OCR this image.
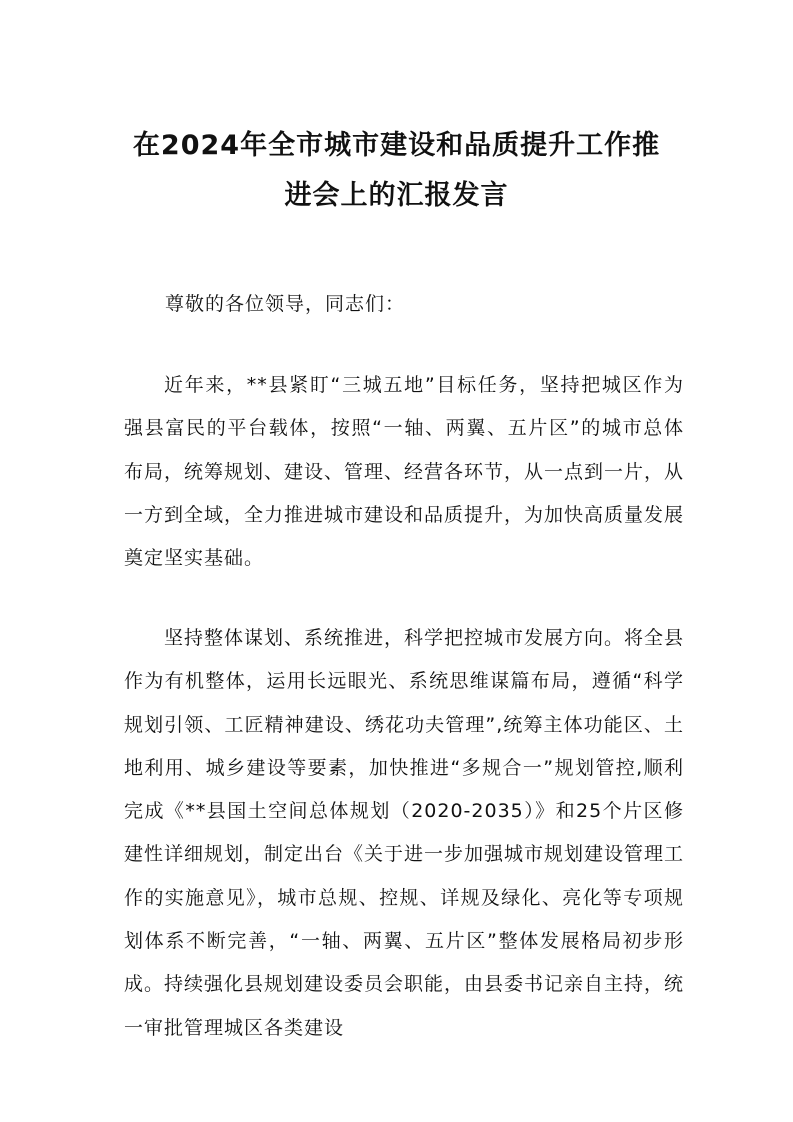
在2024年全市城市建设和品质提升工作推
进会上的汇报发言

尊敬的各位领导，同志们：

近年来，**县紧盯“三城五地”目标任务，坚持把城区作为强县富民的平台载体，按照“一轴、两翼、五片区”的城市总体布局，统筹规划、建设、管理、经营各环节，从一点到一片，从一方到全域，全力推进城市建设和品质提升，为加快高质量发展奠定坚实基础。

坚持整体谋划、系统推进，科学把控城市发展方向。将全县作为有机整体，运用长远眼光、系统思维谋篇布局，遵循“科学规划引领、工匠精神建设、绣花功夫管理”,统筹主体功能区、土地利用、城乡建设等要素，加快推进“多规合一”规划管控,顺利完成《**县国土空间总体规划（2020-2035）》和25个片区修建性详细规划，制定出台《关于进一步加强城市规划建设管理工作的实施意见》，城市总规、控规、详规及绿化、亮化等专项规划体系不断完善，“一轴、两翼、五片区”整体发展格局初步形成。持续强化县规划建设委员会职能，由县委书记亲自主持，统一审批管理城区各类建设
